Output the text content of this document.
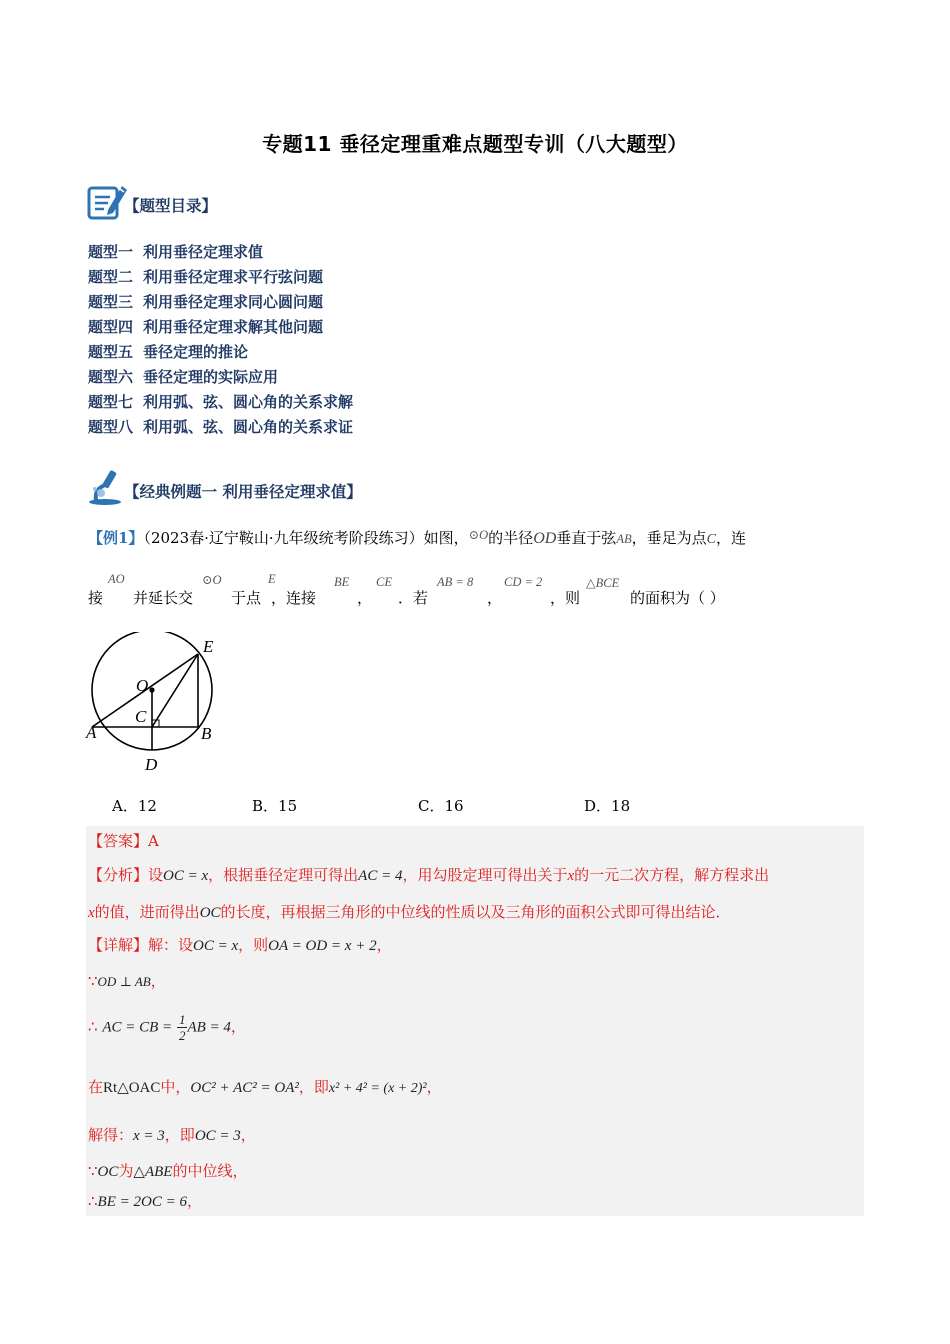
专题11 垂径定理重难点题型专训（八大题型）
【题型目录】
题型一 利用垂径定理求值
题型二 利用垂径定理求平行弦问题
题型三 利用垂径定理求同心圆问题
题型四 利用垂径定理求解其他问题
题型五 垂径定理的推论
题型六 垂径定理的实际应用
题型七 利用弧、弦、圆心角的关系求解
题型八 利用弧、弦、圆心角的关系求证
【经典例题一 利用垂径定理求值】
【例1】（2023春·辽宁鞍山·九年级统考阶段练习）如图，$^{⊙O}$的半径OD垂直于弦AB，垂足为点C，连
接
AO
并延长交
⊙O
于点
E
，连接
BE
，
CE
．若
AB = 8
，
CD = 2
，则
△BCE
的面积为（ ）
E
O
C
A	B
D
A．12	B．15	C．16	D．18
【答案】A
【分析】设OC = x，根据垂径定理可得出AC = 4，用勾股定理可得出关于x的一元二次方程，解方程求出
x的值，进而得出OC的长度，再根据三角形的中位线的性质以及三角形的面积公式即可得出结论．
【详解】解：设OC = x，则OA = OD = x + 2，
∵OD ⊥ AB，
∴ AC = CB = $\frac{1}{2}$ AB = 4，
在Rt△OAC中，OC² + AC² = OA²，即x² + 4² = (x + 2)²，
解得：x = 3，即OC = 3，
∵OC为△ABE的中位线，
∴BE = 2OC = 6，
